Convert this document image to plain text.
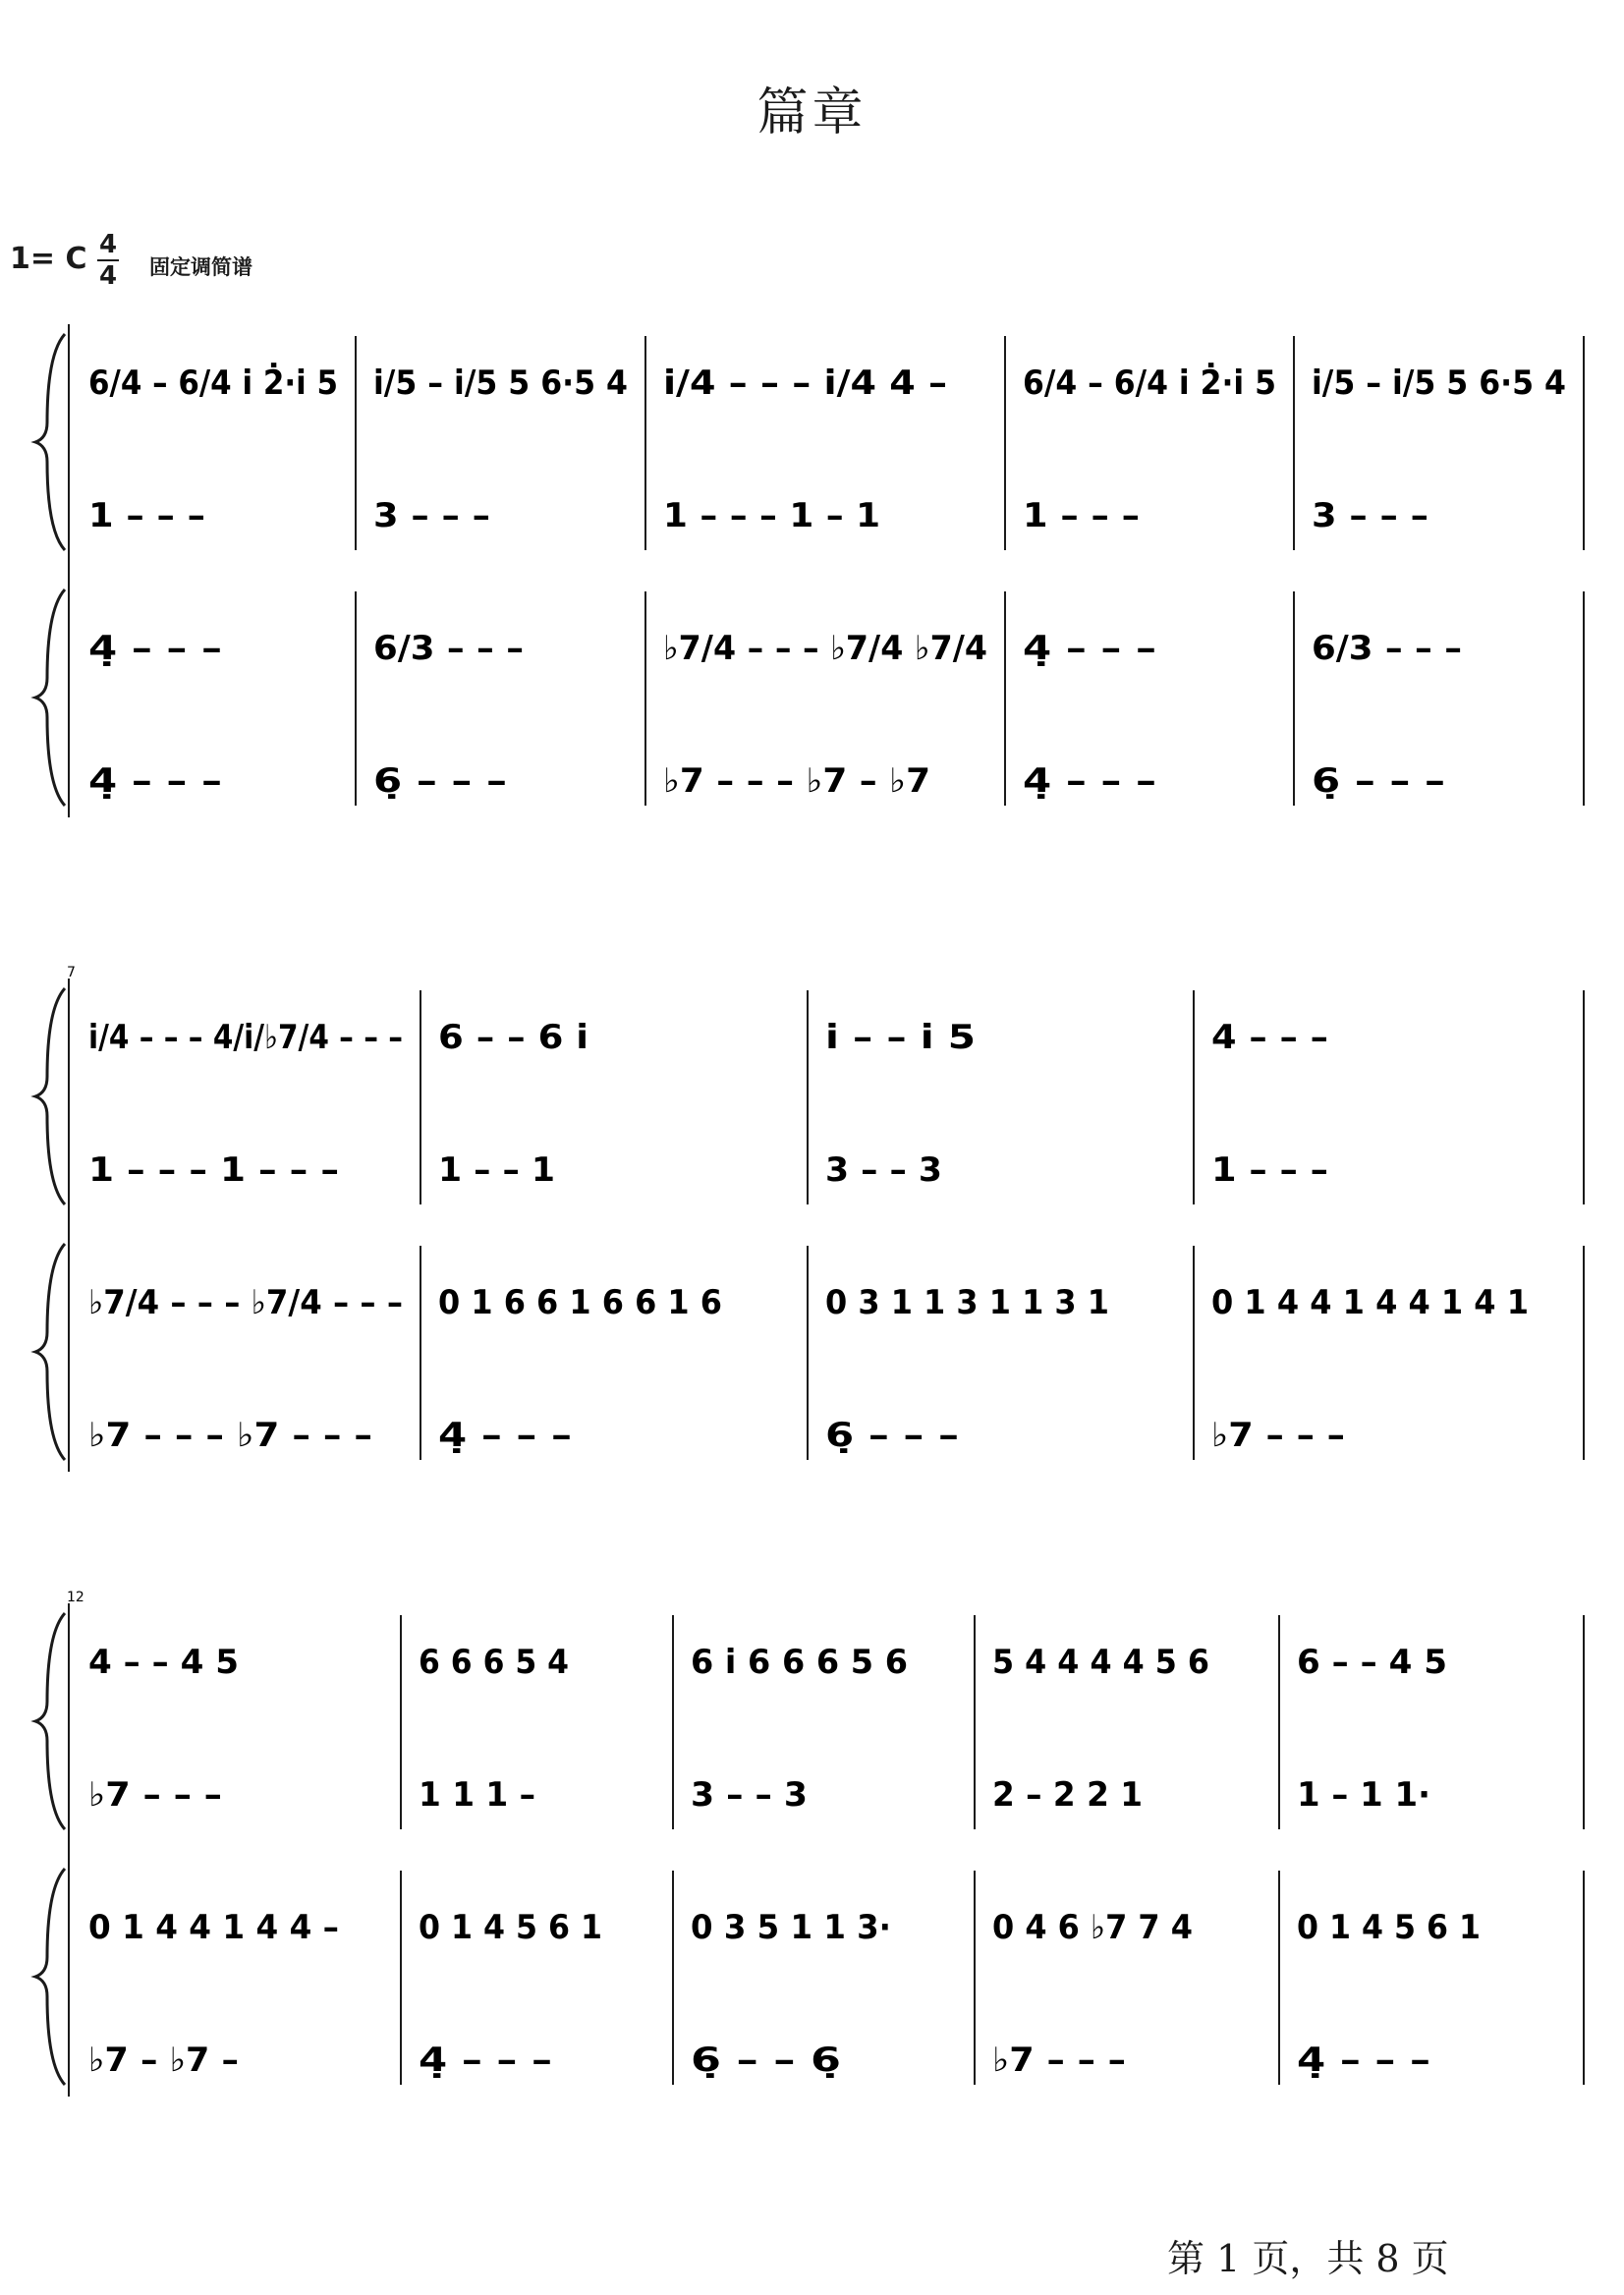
篇章
1= C 4
4 固定调简谱
6/4 – 6/4 i 2̇·i 5
1 – – –
4̣ – – –
4̣ – – –
i/5 – i/5 5 6·5 4
3 – – –
6/3 – – –
6̣ – – –
i/4 – – – i/4 4 –
1 – – – 1 – 1
♭7/4 – – – ♭7/4 ♭7/4
♭7 – – – ♭7 – ♭7
6/4 – 6/4 i 2̇·i 5
1 – – –
4̣ – – –
4̣ – – –
i/5 – i/5 5 6·5 4
3 – – –
6/3 – – –
6̣ – – –
7
i/4 – – – 4/i/♭7/4 – – –
1 – – – 1 – – –
♭7/4 – – – ♭7/4 – – –
♭7 – – – ♭7 – – –
6 – – 6 i
1 – – 1
0 1 6 6 1 6 6 1 6
4̣ – – –
i – – i 5
3 – – 3
0 3 1 1 3 1 1 3 1
6̣ – – –
4 – – –
1 – – –
0 1 4 4 1 4 4 1 4 1
♭7 – – –
12
4 – – 4 5
♭7 – – –
0 1 4 4 1 4 4 –
♭7 – ♭7 –
6 6 6 5 4
1 1 1 –
0 1 4 5 6 1
4̣ – – –
6 i 6 6 6 5 6
3 – – 3
0 3 5 1 1 3·
6̣ – – 6̣
5 4 4 4 4 5 6
2 – 2 2 1
0 4 6 ♭7 7 4
♭7 – – –
6 – – 4 5
1 – 1 1·
0 1 4 5 6 1
4̣ – – –
第 1 页，共 8 页
